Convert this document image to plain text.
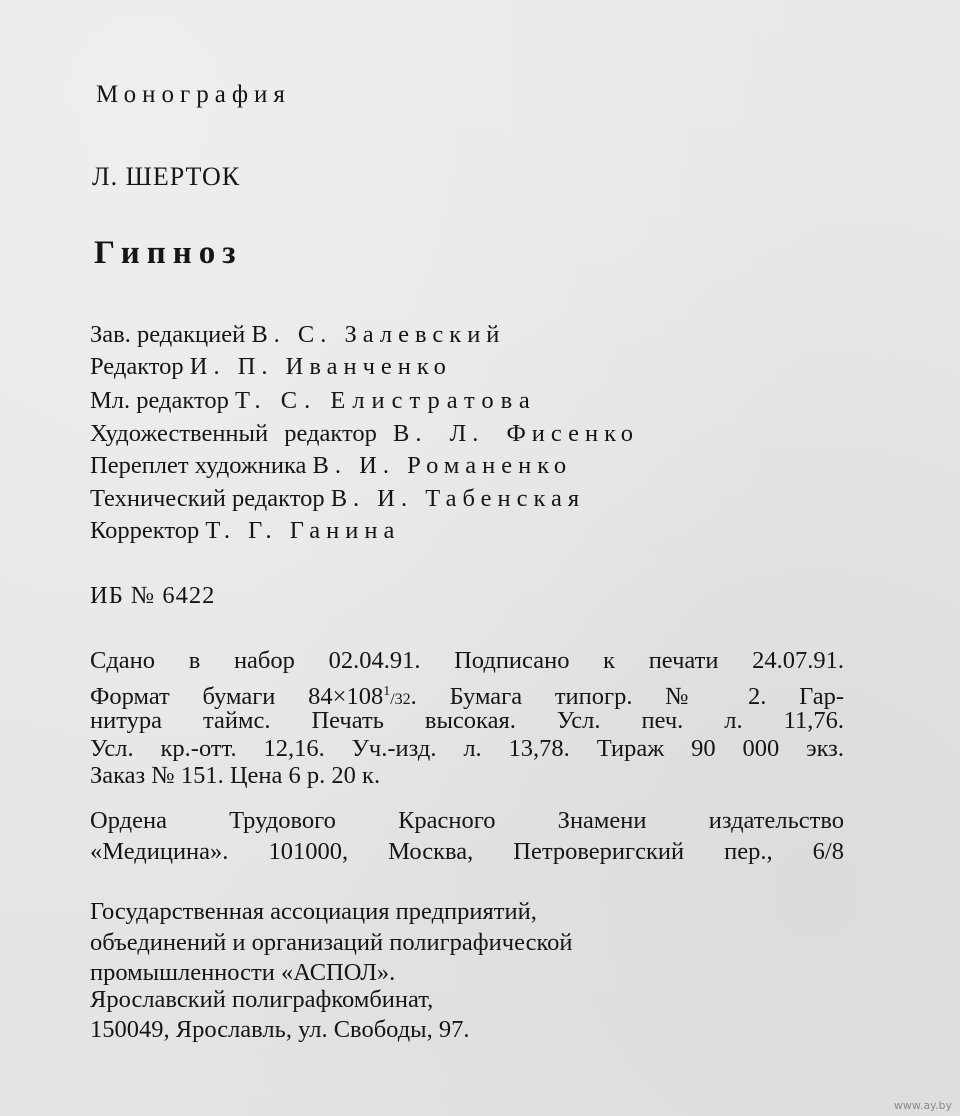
Монография
Л. ШЕРТОК
Гипноз
Зав. редакцией В. С. Залевский
Редактор И. П. Иванченко
Мл. редактор Т. С. Елистратова
Художественный редактор В. Л. Фисенко
Переплет художника В. И. Романенко
Технический редактор В. И. Табенская
Корректор Т. Г. Ганина
ИБ № 6422
Сдано в набор 02.04.91. Подписано к печати 24.07.91.
Формат бумаги $84\times 108^1/32$. Бумага типогр. № 2. Гар-
нитура таймс. Печать высокая. Усл. печ. л. 11,76.
Усл. кр.-отт. 12,16. Уч.-изд. л. 13,78. Тираж 90 000 экз.
Заказ № 151. Цена 6 р. 20 к.
Ордена Трудового Красного Знамени издательство
«Медицина». 101000, Москва, Петроверигский пер., 6/8
Государственная ассоциация предприятий,
объединений и организаций полиграфической
промышленности «АСПОЛ».
Ярославский полиграфкомбинат,
150049, Ярославль, ул. Свободы, 97.
www.ay.by
